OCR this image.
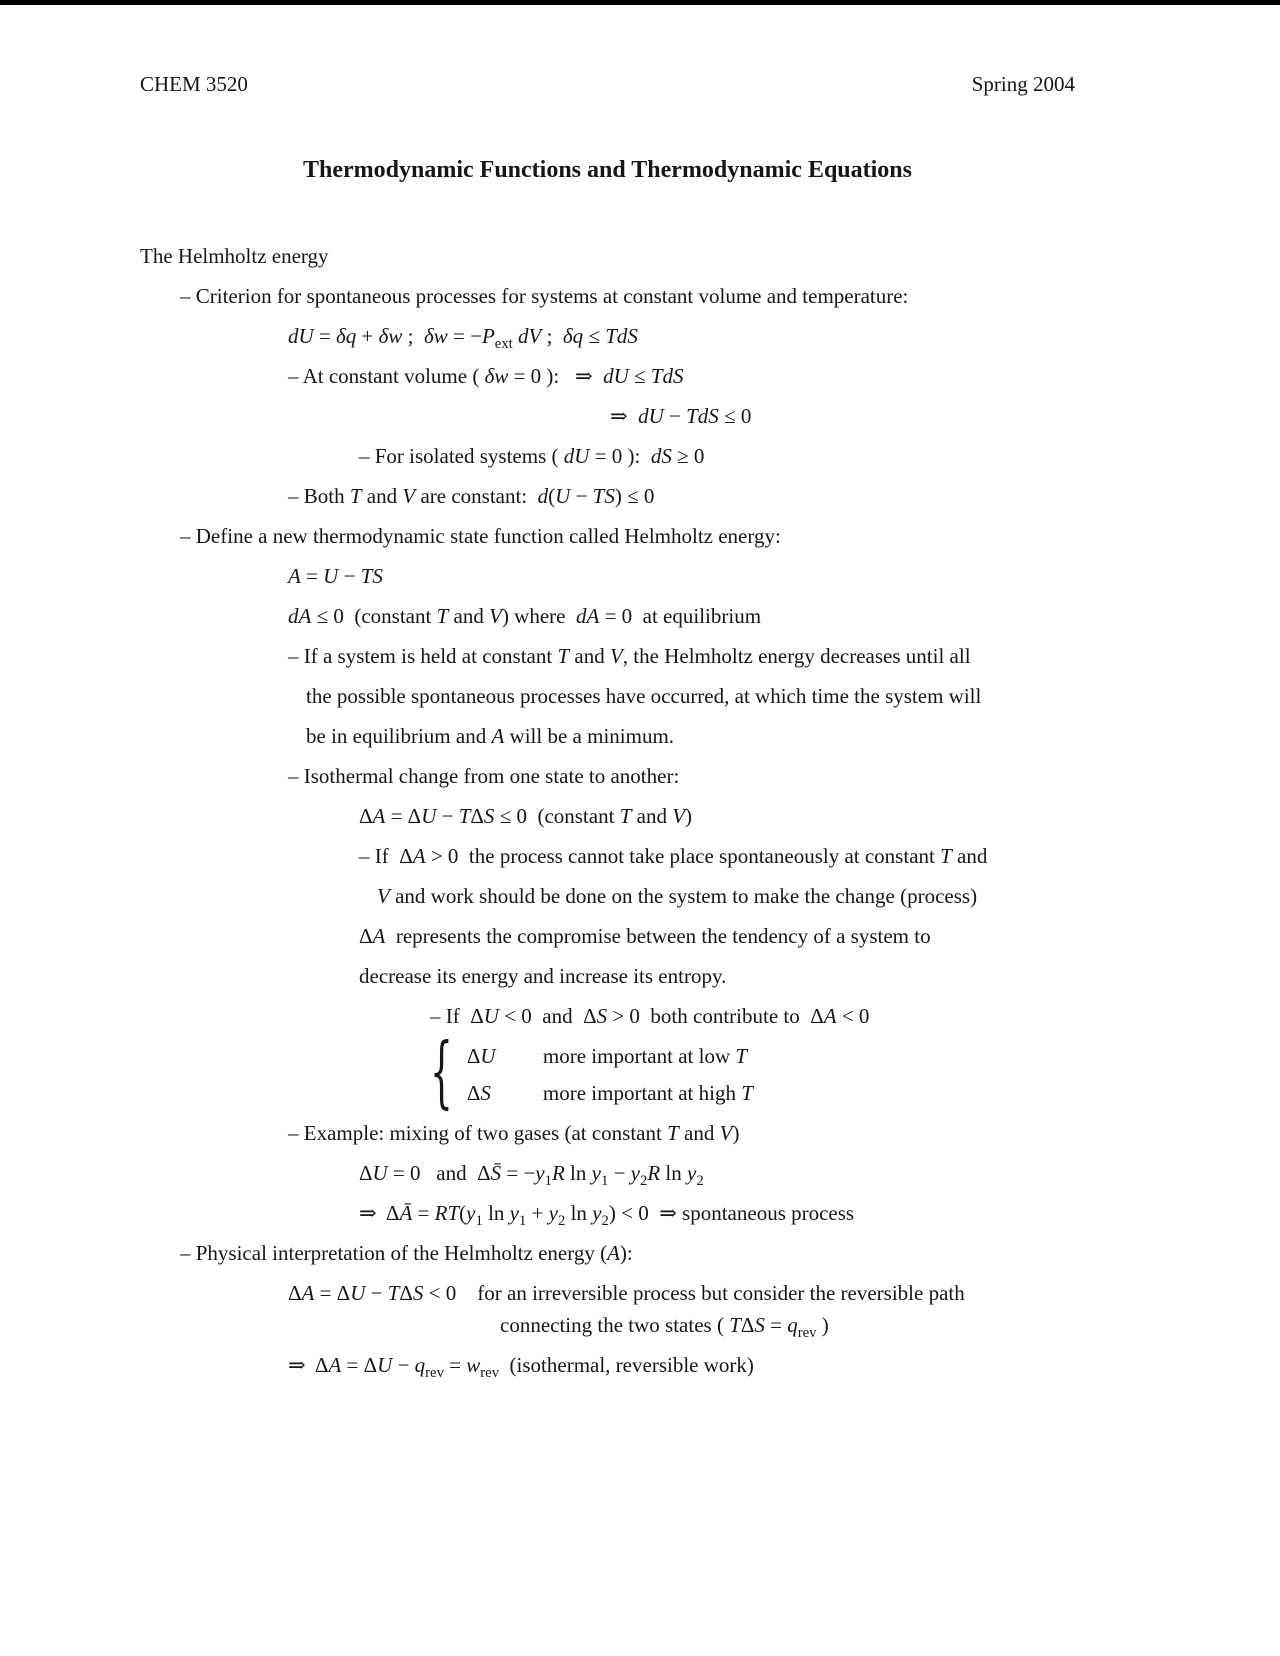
CHEM 3520	Spring 2004
Thermodynamic Functions and Thermodynamic Equations
The Helmholtz energy
– Criterion for spontaneous processes for systems at constant volume and temperature:
dU = δq + δw ;  $\delta w = -P_{ext}$ dV ;  δq ≤ TdS
– At constant volume ( δw = 0 ):   ⇒  dU ≤ TdS
⇒  dU − TdS ≤ 0
– For isolated systems ( dU = 0 ):  dS ≥ 0
– Both T and V are constant:  d(U − TS) ≤ 0
– Define a new thermodynamic state function called Helmholtz energy:
A = U − TS
dA ≤ 0  (constant T and V) where  dA = 0  at equilibrium
– If a system is held at constant T and V, the Helmholtz energy decreases until all
the possible spontaneous processes have occurred, at which time the system will
be in equilibrium and A will be a minimum.
– Isothermal change from one state to another:
ΔA = ΔU − TΔS ≤ 0  (constant T and V)
– If  ΔA > 0  the process cannot take place spontaneously at constant T and
V and work should be done on the system to make the change (process)
ΔA  represents the compromise between the tendency of a system to
decrease its energy and increase its entropy.
– If  ΔU < 0  and  ΔS > 0  both contribute to  ΔA < 0
{ ΔU	more important at low T
ΔS	more important at high T
– Example: mixing of two gases (at constant T and V)
ΔU = 0   and  ΔS̄ = $-y_1R$ $\ln y_1 - y_2R$ $\ln y_2$
⇒  ΔĀ = $RT(y_1$ $\ln y_1 + y_2$ $\ln y_2) < 0$  ⇒ spontaneous process
– Physical interpretation of the Helmholtz energy (A):
ΔA = ΔU − TΔS < 0    for an irreversible process but consider the reversible path
connecting the two states ( $T\Delta S = q_{rev}$ )
⇒  $\Delta A = \Delta U - q_{rev} = w_{rev}$  (isothermal, reversible work)
